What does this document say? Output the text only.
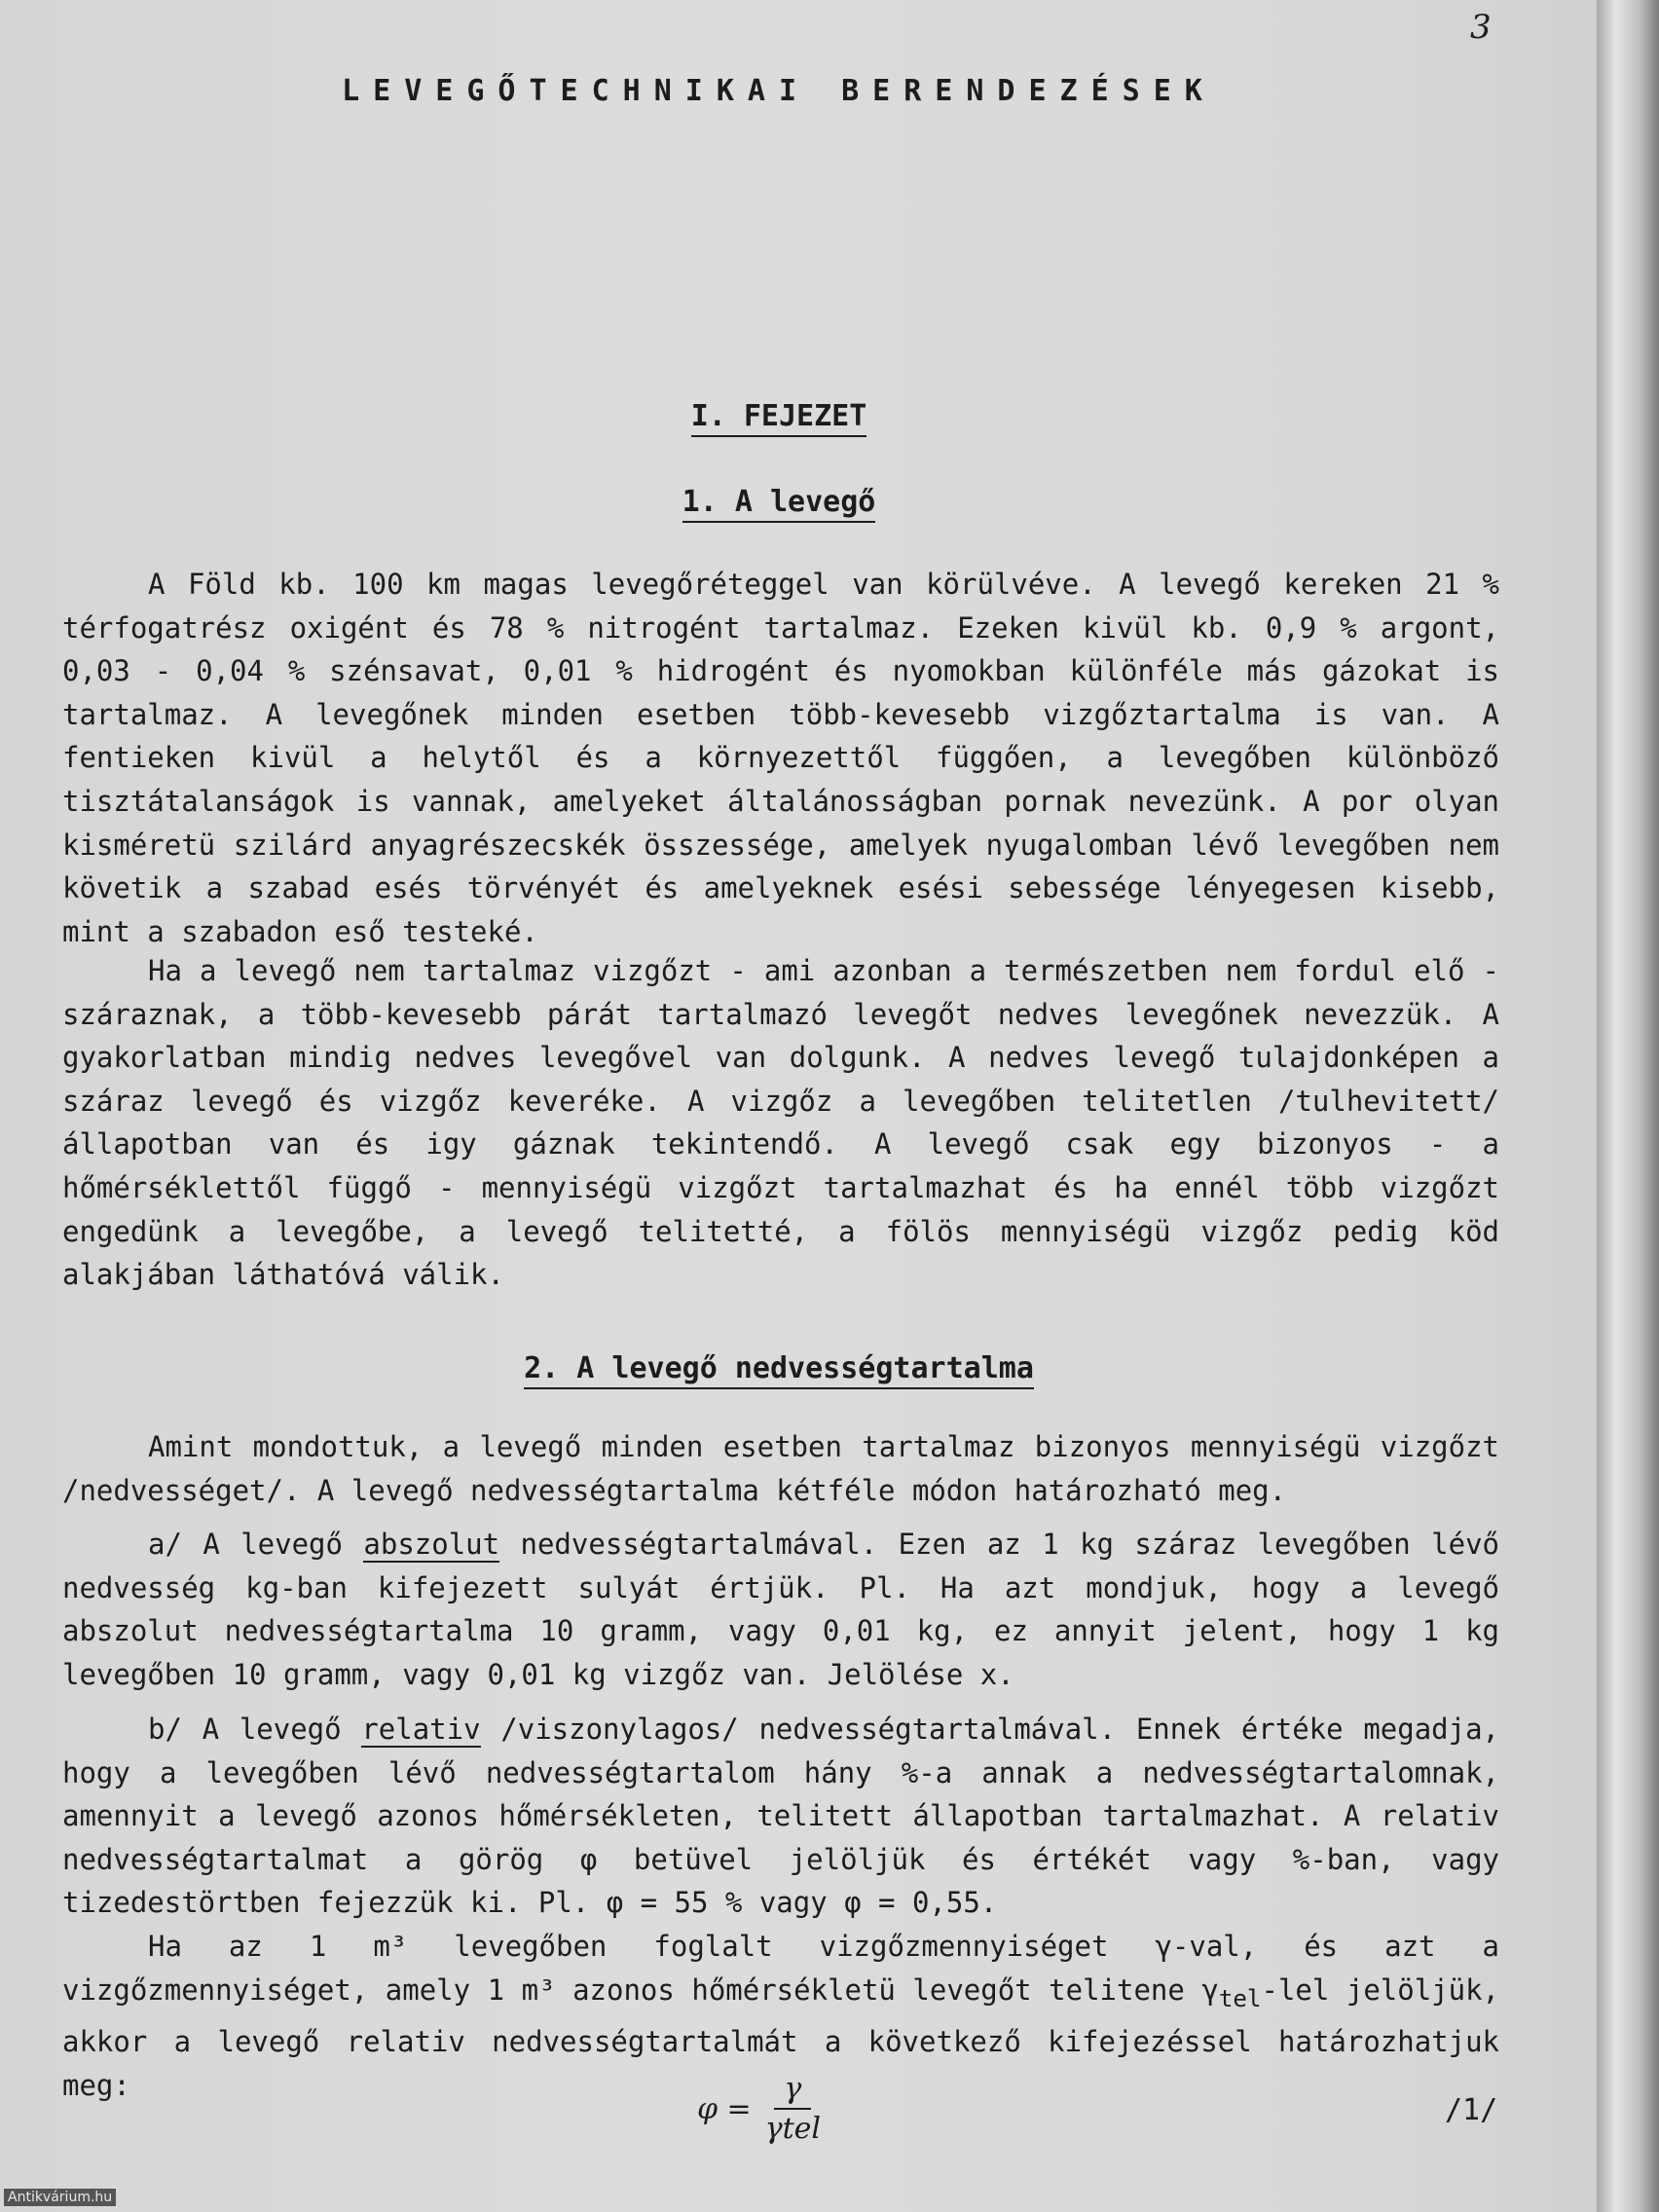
3
LEVEGŐTECHNIKAI BERENDEZÉSEK
I. FEJEZET
1. A levegő
A Föld kb. 100 km magas levegőréteggel van körülvéve. A levegő kereken 21 % térfogatrész oxigént és 78 % nitrogént tartalmaz. Ezeken kivül kb. 0,9 % argont, 0,03 - 0,04 % szénsavat, 0,01 % hidrogént és nyomokban különféle más gázokat is tartalmaz. A levegőnek minden esetben több-kevesebb vizgőztartalma is van. A fentieken kivül a helytől és a környezettől függően, a levegőben különböző tisztátalanságok is vannak, amelyeket általánosságban pornak nevezünk. A por olyan kisméretü szilárd anyagrészecskék összessége, amelyek nyugalomban lévő levegőben nem követik a szabad esés törvényét és amelyeknek esési sebessége lényegesen kisebb, mint a szabadon eső testeké.
Ha a levegő nem tartalmaz vizgőzt - ami azonban a természetben nem fordul elő - száraznak, a több-kevesebb párát tartalmazó levegőt nedves levegőnek nevezzük. A gyakorlatban mindig nedves levegővel van dolgunk. A nedves levegő tulajdonképen a száraz levegő és vizgőz keveréke. A vizgőz a levegőben telitetlen /tulhevitett/ állapotban van és igy gáznak tekintendő. A levegő csak egy bizonyos - a hőmérséklettől függő - mennyiségü vizgőzt tartalmazhat és ha ennél több vizgőzt engedünk a levegőbe, a levegő telitetté, a fölös mennyiségü vizgőz pedig köd alakjában láthatóvá válik.
2. A levegő nedvességtartalma
Amint mondottuk, a levegő minden esetben tartalmaz bizonyos mennyiségü vizgőzt /nedvességet/. A levegő nedvességtartalma kétféle módon határozható meg.
a/ A levegő abszolut nedvességtartalmával. Ezen az 1 kg száraz levegőben lévő nedvesség kg-ban kifejezett sulyát értjük. Pl. Ha azt mondjuk, hogy a levegő abszolut nedvességtartalma 10 gramm, vagy 0,01 kg, ez annyit jelent, hogy 1 kg levegőben 10 gramm, vagy 0,01 kg vizgőz van. Jelölése x.
b/ A levegő relativ /viszonylagos/ nedvességtartalmával. Ennek értéke megadja, hogy a levegőben lévő nedvességtartalom hány %-a annak a nedvességtartalomnak, amennyit a levegő azonos hőmérsékleten, telitett állapotban tartalmazhat. A relativ nedvességtartalmat a görög φ betüvel jelöljük és értékét vagy %-ban, vagy tizedestörtben fejezzük ki. Pl. φ = 55 % vagy φ = 0,55.
Ha az 1 m³ levegőben foglalt vizgőzmennyiséget γ-val, és azt a vizgőzmennyiséget, amely 1 m³ azonos hőmérsékletü levegőt telitene $\gamma_{tel}$-lel jelöljük, akkor a levegő relativ nedvességtartalmát a következő kifejezéssel határozhatjuk meg:
$\varphi = \frac{\gamma}{\text{γtel}}$	/1/
Antikvárium.hu
